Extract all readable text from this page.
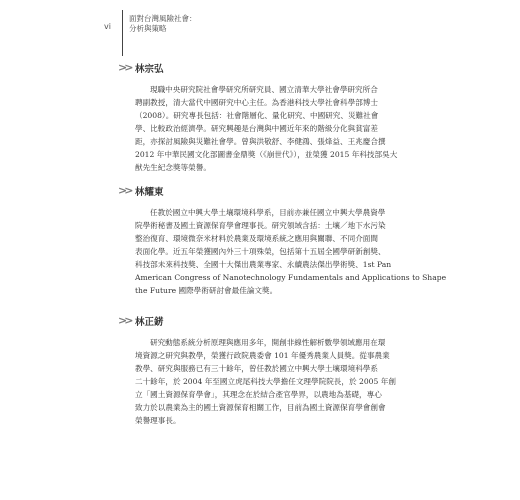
vi
面對台灣風險社會：
分析與策略
>> 林宗弘
現職中央研究院社會學研究所研究員、國立清華大學社會學研究所合
聘副教授，清大當代中國研究中心主任。為香港科技大學社會科學部博士
（2008）。研究專長包括：社會階層化、量化研究、中國研究、災難社會
學、比較政治經濟學。研究興趣是台灣與中國近年來的階級分化與貧富差
距，亦探討風險與災難社會學。曾與洪敬舒、李健鴻、張烽益、王兆慶合撰
2012 年中華民國文化部圖書金鼎獎（《崩世代》），並榮獲 2015 年科技部吳大
猷先生紀念獎等榮譽。
>> 林耀東
任教於國立中興大學土壤環境科學系，目前亦兼任國立中興大學農資學
院學術秘書及國土資源保育學會理事長。研究領域含括：土壤／地下水污染
整治復育、環境微奈米材料於農業及環境系統之應用與關聯、不同介面間
表面化學。近五年榮獲國內外三十項殊榮，包括第十五屆全國學研新創獎、
科技部未來科技獎、全國十大傑出農業專家、永續農法傑出學術獎、1st Pan
American Congress of Nanotechnology Fundamentals and Applications to Shape
the Future 國際學術研討會最佳論文獎。
>> 林正錺
研究動態系統分析原理與應用多年，開創非線性解析數學領域應用在環
境資源之研究與教學，榮獲行政院農委會 101 年優秀農業人員獎。從事農業
教學、研究與服務已有三十餘年，曾任教於國立中興大學土壤環境科學系
二十餘年，於 2004 年至國立虎尾科技大學擔任文理學院院長，於 2005 年創
立「國土資源保育學會」，其理念在於結合產官學界，以農地為基礎，專心
致力於以農業為主的國土資源保育相關工作，目前為國土資源保育學會創會
榮譽理事長。
